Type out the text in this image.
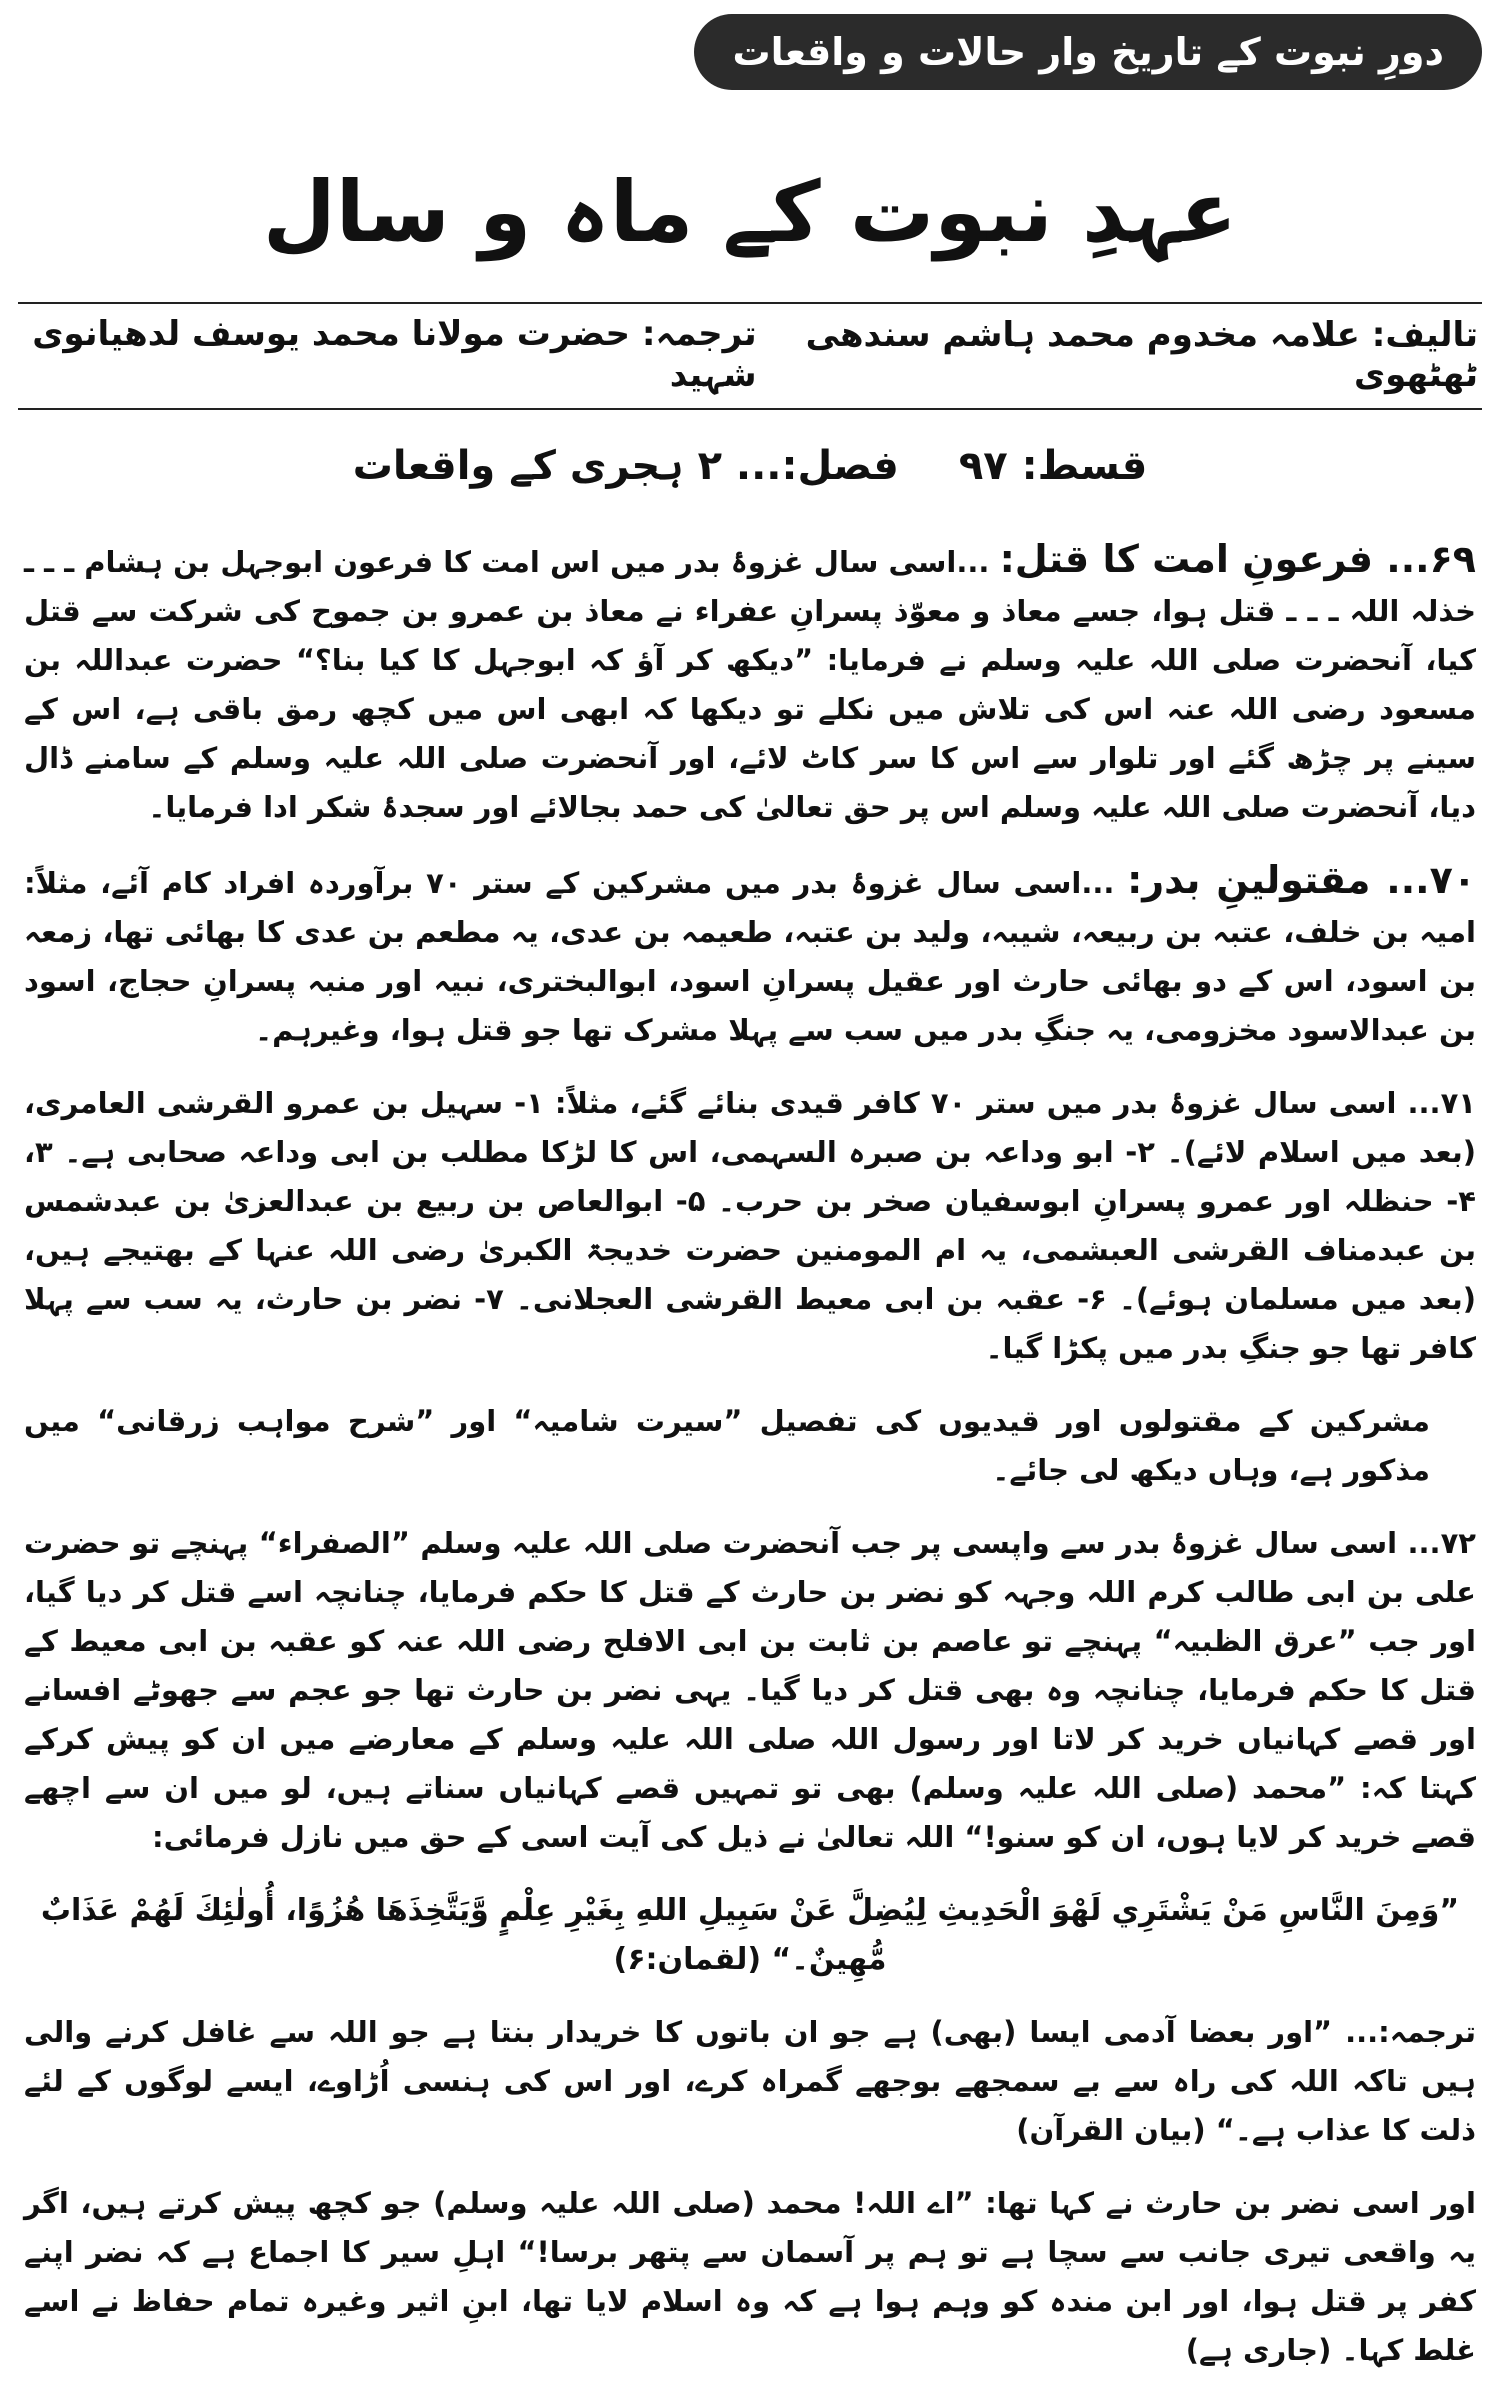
دورِ نبوت کے تاریخ وار حالات و واقعات
عہدِ نبوت کے ماہ و سال
تالیف: علامہ مخدوم محمد ہاشم سندھی ٹھٹھوی
ترجمہ: حضرت مولانا محمد یوسف لدھیانوی شہید
قسط: ۹۷
فصل:... ۲ ہجری کے واقعات

۶۹... فرعونِ امت کا قتل: ...اسی سال غزوۂ بدر میں اس امت کا فرعون ابوجہل بن ہشام ـ ـ ـ خذلہ اللہ ـ ـ ـ قتل ہوا، جسے معاذ و معوّذ پسرانِ عفراء نے معاذ بن عمرو بن جموح کی شرکت سے قتل کیا، آنحضرت صلی اللہ علیہ وسلم نے فرمایا: ”دیکھ کر آؤ کہ ابوجہل کا کیا بنا؟“ حضرت عبداللہ بن مسعود رضی اللہ عنہ اس کی تلاش میں نکلے تو دیکھا کہ ابھی اس میں کچھ رمق باقی ہے، اس کے سینے پر چڑھ گئے اور تلوار سے اس کا سر کاٹ لائے، اور آنحضرت صلی اللہ علیہ وسلم کے سامنے ڈال دیا، آنحضرت صلی اللہ علیہ وسلم اس پر حق تعالیٰ کی حمد بجالائے اور سجدۂ شکر ادا فرمایا۔

۷۰... مقتولینِ بدر: ...اسی سال غزوۂ بدر میں مشرکین کے ستر ۷۰ برآوردہ افراد کام آئے، مثلاً: امیہ بن خلف، عتبہ بن ربیعہ، شیبہ، ولید بن عتبہ، طعیمہ بن عدی، یہ مطعم بن عدی کا بھائی تھا، زمعہ بن اسود، اس کے دو بھائی حارث اور عقیل پسرانِ اسود، ابوالبختری، نبیہ اور منبہ پسرانِ حجاج، اسود بن عبدالاسود مخزومی، یہ جنگِ بدر میں سب سے پہلا مشرک تھا جو قتل ہوا، وغیرہم۔

۷۱... اسی سال غزوۂ بدر میں ستر ۷۰ کافر قیدی بنائے گئے، مثلاً: ۱- سہیل بن عمرو القرشی العامری، (بعد میں اسلام لائے)۔ ۲- ابو وداعہ بن صبرہ السہمی، اس کا لڑکا مطلب بن ابی وداعہ صحابی ہے۔ ۳، ۴- حنظلہ اور عمرو پسرانِ ابوسفیان صخر بن حرب۔ ۵- ابوالعاص بن ربیع بن عبدالعزیٰ بن عبدشمس بن عبدمناف القرشی العبشمی، یہ ام المومنین حضرت خدیجۃ الکبریٰ رضی اللہ عنہا کے بھتیجے ہیں، (بعد میں مسلمان ہوئے)۔ ۶- عقبہ بن ابی معیط القرشی العجلانی۔ ۷- نضر بن حارث، یہ سب سے پہلا کافر تھا جو جنگِ بدر میں پکڑا گیا۔

مشرکین کے مقتولوں اور قیدیوں کی تفصیل ”سیرت شامیہ“ اور ”شرح مواہب زرقانی“ میں مذکور ہے، وہاں دیکھ لی جائے۔

۷۲... اسی سال غزوۂ بدر سے واپسی پر جب آنحضرت صلی اللہ علیہ وسلم ”الصفراء“ پہنچے تو حضرت علی بن ابی طالب کرم اللہ وجہہ کو نضر بن حارث کے قتل کا حکم فرمایا، چنانچہ اسے قتل کر دیا گیا، اور جب ”عرق الظبیہ“ پہنچے تو عاصم بن ثابت بن ابی الافلح رضی اللہ عنہ کو عقبہ بن ابی معیط کے قتل کا حکم فرمایا، چنانچہ وہ بھی قتل کر دیا گیا۔ یہی نضر بن حارث تھا جو عجم سے جھوٹے افسانے اور قصے کہانیاں خرید کر لاتا اور رسول اللہ صلی اللہ علیہ وسلم کے معارضے میں ان کو پیش کرکے کہتا کہ: ”محمد (صلی اللہ علیہ وسلم) بھی تو تمہیں قصے کہانیاں سناتے ہیں، لو میں ان سے اچھے قصے خرید کر لایا ہوں، ان کو سنو!“ اللہ تعالیٰ نے ذیل کی آیت اسی کے حق میں نازل فرمائی:

”وَمِنَ النَّاسِ مَنْ يَشْتَرِي لَهْوَ الْحَدِيثِ لِيُضِلَّ عَنْ سَبِيلِ اللهِ بِغَيْرِ عِلْمٍ وَّيَتَّخِذَهَا هُزُوًا، أُولٰئِكَ لَهُمْ عَذَابٌ مُّهِينٌ۔“ (لقمان:۶)

ترجمہ:... ”اور بعضا آدمی ایسا (بھی) ہے جو ان باتوں کا خریدار بنتا ہے جو اللہ سے غافل کرنے والی ہیں تاکہ اللہ کی راہ سے بے سمجھے بوجھے گمراہ کرے، اور اس کی ہنسی اُڑاوے، ایسے لوگوں کے لئے ذلت کا عذاب ہے۔“ (بیان القرآن)

اور اسی نضر بن حارث نے کہا تھا: ”اے اللہ! محمد (صلی اللہ علیہ وسلم) جو کچھ پیش کرتے ہیں، اگر یہ واقعی تیری جانب سے سچا ہے تو ہم پر آسمان سے پتھر برسا!“ اہلِ سیر کا اجماع ہے کہ نضر اپنے کفر پر قتل ہوا، اور ابن مندہ کو وہم ہوا ہے کہ وہ اسلام لایا تھا، ابنِ اثیر وغیرہ تمام حفاظ نے اسے غلط کہا۔ (جاری ہے)
